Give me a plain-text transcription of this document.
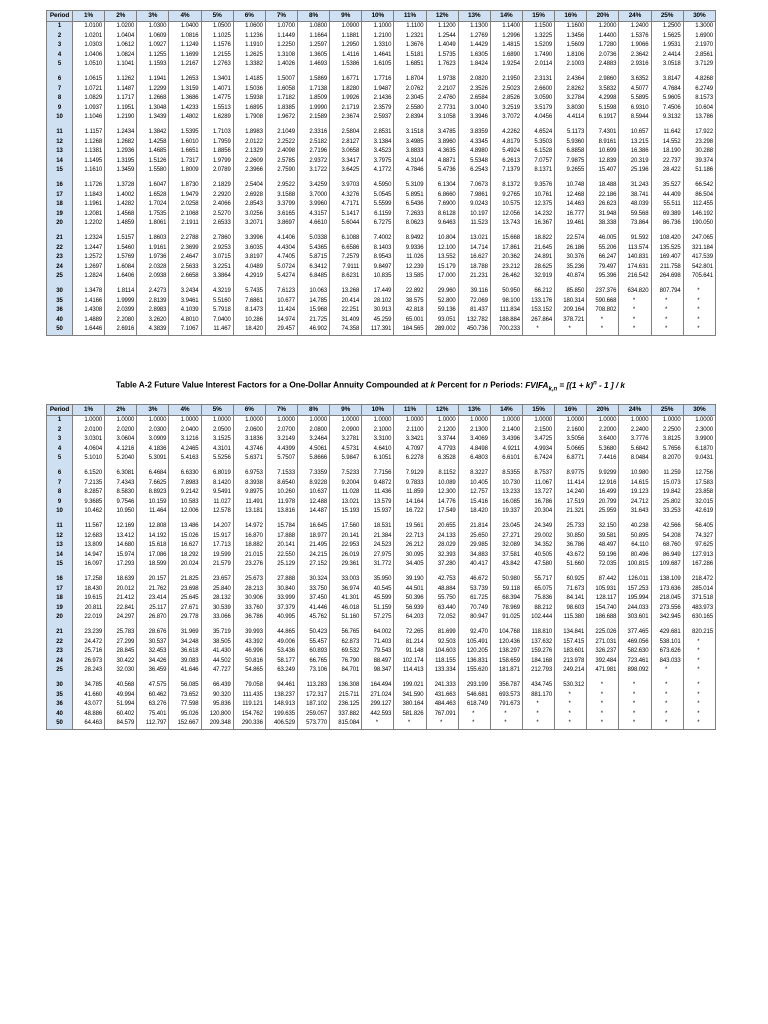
Period	1%	2%	3%	4%	5%	6%	7%	8%	9%	10%	11%	12%	13%	14%	15%	16%	20%	24%	25%	30%
1	1.0100	1.0200	1.0300	1.0400	1.0500	1.0600	1.0700	1.0800	1.0900	1.1000	1.1100	1.1200	1.1300	1.1400	1.1500	1.1600	1.2000	1.2400	1.2500	1.3000
2	1.0201	1.0404	1.0609	1.0816	1.1025	1.1236	1.1449	1.1664	1.1881	1.2100	1.2321	1.2544	1.2769	1.2996	1.3225	1.3456	1.4400	1.5376	1.5625	1.6900
3	1.0303	1.0612	1.0927	1.1249	1.1576	1.1910	1.2250	1.2597	1.2950	1.3310	1.3676	1.4049	1.4429	1.4815	1.5209	1.5609	1.7280	1.9066	1.9531	2.1970
4	1.0406	1.0824	1.1255	1.1699	1.2155	1.2625	1.3108	1.3605	1.4116	1.4641	1.5181	1.5735	1.6305	1.6890	1.7490	1.8106	2.0736	2.3642	2.4414	2.8561
5	1.0510	1.1041	1.1593	1.2167	1.2763	1.3382	1.4026	1.4693	1.5386	1.6105	1.6851	1.7623	1.8424	1.9254	2.0114	2.1003	2.4883	2.9316	3.0518	3.7129

6	1.0615	1.1262	1.1941	1.2653	1.3401	1.4185	1.5007	1.5869	1.6771	1.7716	1.8704	1.9738	2.0820	2.1950	2.3131	2.4364	2.9860	3.6352	3.8147	4.8268
7	1.0721	1.1487	1.2299	1.3159	1.4071	1.5036	1.6058	1.7138	1.8280	1.9487	2.0762	2.2107	2.3526	2.5023	2.6600	2.8262	3.5832	4.5077	4.7684	6.2749
8	1.0829	1.1717	1.2668	1.3686	1.4775	1.5938	1.7182	1.8509	1.9926	2.1436	2.3045	2.4760	2.6584	2.8526	3.0590	3.2784	4.2998	5.5895	5.9605	8.1573
9	1.0937	1.1951	1.3048	1.4233	1.5513	1.6895	1.8385	1.9990	2.1719	2.3579	2.5580	2.7731	3.0040	3.2519	3.5179	3.8030	5.1598	6.9310	7.4506	10.604
10	1.1046	1.2190	1.3439	1.4802	1.6289	1.7908	1.9672	2.1589	2.3674	2.5937	2.8394	3.1058	3.3946	3.7072	4.0456	4.4114	6.1917	8.5944	9.3132	13.786

11	1.1157	1.2434	1.3842	1.5395	1.7103	1.8983	2.1049	2.3316	2.5804	2.8531	3.1518	3.4785	3.8359	4.2262	4.6524	5.1173	7.4301	10.657	11.642	17.922
12	1.1268	1.2682	1.4258	1.6010	1.7959	2.0122	2.2522	2.5182	2.8127	3.1384	3.4985	3.8960	4.3345	4.8179	5.3503	5.9360	8.9161	13.215	14.552	23.298
13	1.1381	1.2936	1.4685	1.6651	1.8856	2.1329	2.4098	2.7196	3.0658	3.4523	3.8833	4.3635	4.8980	5.4924	6.1528	6.8858	10.699	16.386	18.190	30.288
14	1.1495	1.3195	1.5126	1.7317	1.9799	2.2609	2.5785	2.9372	3.3417	3.7975	4.3104	4.8871	5.5348	6.2613	7.0757	7.9875	12.839	20.319	22.737	39.374
15	1.1610	1.3459	1.5580	1.8009	2.0789	2.3966	2.7590	3.1722	3.6425	4.1772	4.7846	5.4736	6.2543	7.1379	8.1371	9.2655	15.407	25.196	28.422	51.186

16	1.1726	1.3728	1.6047	1.8730	2.1829	2.5404	2.9522	3.4259	3.9703	4.5950	5.3109	6.1304	7.0673	8.1372	9.3576	10.748	18.488	31.243	35.527	66.542
17	1.1843	1.4002	1.6528	1.9479	2.2920	2.6928	3.1588	3.7000	4.3276	5.0545	5.8951	6.8660	7.9861	9.2765	10.761	12.468	22.186	38.741	44.409	86.504
18	1.1961	1.4282	1.7024	2.0258	2.4066	2.8543	3.3799	3.9960	4.7171	5.5599	6.5436	7.6900	9.0243	10.575	12.375	14.463	26.623	48.039	55.511	112.455
19	1.2081	1.4568	1.7535	2.1068	2.5270	3.0256	3.6165	4.3157	5.1417	6.1159	7.2633	8.6128	10.197	12.056	14.232	16.777	31.948	59.568	69.389	146.192
20	1.2202	1.4859	1.8061	2.1911	2.6533	3.2071	3.8697	4.6610	5.6044	6.7275	8.0623	9.6463	11.523	13.743	16.367	19.461	38.338	73.864	86.736	190.050

21	1.2324	1.5157	1.8603	2.2788	2.7860	3.3996	4.1406	5.0338	6.1088	7.4002	8.9492	10.804	13.021	15.668	18.822	22.574	46.005	91.592	108.420	247.065
22	1.2447	1.5460	1.9161	2.3699	2.9253	3.6035	4.4304	5.4365	6.6586	8.1403	9.9336	12.100	14.714	17.861	21.645	26.186	55.206	113.574	135.525	321.184
23	1.2572	1.5769	1.9736	2.4647	3.0715	3.8197	4.7405	5.8715	7.2579	8.9543	11.026	13.552	16.627	20.362	24.891	30.376	66.247	140.831	169.407	417.539
24	1.2697	1.6084	2.0328	2.5633	3.2251	4.0489	5.0724	6.3412	7.9111	9.8497	12.239	15.179	18.788	23.212	28.625	35.236	79.497	174.631	211.758	542.801
25	1.2824	1.6406	2.0938	2.6658	3.3864	4.2919	5.4274	6.8485	8.6231	10.835	13.585	17.000	21.231	26.462	32.919	40.874	95.396	216.542	264.698	705.641

30	1.3478	1.8114	2.4273	3.2434	4.3219	5.7435	7.6123	10.063	13.268	17.449	22.892	29.960	39.116	50.950	66.212	85.850	237.376	634.820	807.794	*
35	1.4166	1.9999	2.8139	3.9461	5.5160	7.6861	10.677	14.785	20.414	28.102	38.575	52.800	72.069	98.100	133.176	180.314	590.668	*	*	*
36	1.4308	2.0399	2.8983	4.1039	5.7918	8.1473	11.424	15.968	22.251	30.913	42.818	59.136	81.437	111.834	153.152	209.164	708.802	*	*	*
40	1.4889	2.2080	3.2620	4.8010	7.0400	10.286	14.974	21.725	31.409	45.259	65.001	93.051	132.782	188.884	267.864	378.721	*	*	*	*
50	1.6446	2.6916	4.3839	7.1067	11.467	18.420	29.457	46.902	74.358	117.391	184.565	289.002	450.736	700.233	*	*	*	*	*	*
Table A-2 Future Value Interest Factors for a One-Dollar Annuity Compounded at k Percent for n Periods: $FVIFA_{k,n} = [(1 + k)^n - 1$ ] / k
Period	1%	2%	3%	4%	5%	6%	7%	8%	9%	10%	11%	12%	13%	14%	15%	16%	20%	24%	25%	30%
1	1.0000	1.0000	1.0000	1.0000	1.0000	1.0000	1.0000	1.0000	1.0000	1.0000	1.0000	1.0000	1.0000	1.0000	1.0000	1.0000	1.0000	1.0000	1.0000	1.0000
2	2.0100	2.0200	2.0300	2.0400	2.0500	2.0600	2.0700	2.0800	2.0900	2.1000	2.1100	2.1200	2.1300	2.1400	2.1500	2.1600	2.2000	2.2400	2.2500	2.3000
3	3.0301	3.0604	3.0909	3.1216	3.1525	3.1836	3.2149	3.2464	3.2781	3.3100	3.3421	3.3744	3.4069	3.4396	3.4725	3.5056	3.6400	3.7776	3.8125	3.9900
4	4.0604	4.1216	4.1836	4.2465	4.3101	4.3746	4.4399	4.5061	4.5731	4.6410	4.7097	4.7793	4.8498	4.9211	4.9934	5.0665	5.3680	5.6842	5.7656	6.1870
5	5.1010	5.2040	5.3091	5.4163	5.5256	5.6371	5.7507	5.8666	5.9847	6.1051	6.2278	6.3528	6.4803	6.6101	6.7424	6.8771	7.4416	8.0484	8.2070	9.0431

6	6.1520	6.3081	6.4684	6.6330	6.8019	6.9753	7.1533	7.3359	7.5233	7.7156	7.9129	8.1152	8.3227	8.5355	8.7537	8.9775	9.9299	10.980	11.259	12.756
7	7.2135	7.4343	7.6625	7.8983	8.1420	8.3938	8.6540	8.9228	9.2004	9.4872	9.7833	10.089	10.405	10.730	11.067	11.414	12.916	14.615	15.073	17.583
8	8.2857	8.5830	8.8923	9.2142	9.5491	9.8975	10.260	10.637	11.028	11.436	11.859	12.300	12.757	13.233	13.727	14.240	16.499	19.123	19.842	23.858
9	9.3685	9.7546	10.159	10.583	11.027	11.491	11.978	12.488	13.021	13.579	14.164	14.776	15.416	16.085	16.786	17.519	20.799	24.712	25.802	32.015
10	10.462	10.950	11.464	12.006	12.578	13.181	13.816	14.487	15.193	15.937	16.722	17.549	18.420	19.337	20.304	21.321	25.959	31.643	33.253	42.619

11	11.567	12.169	12.808	13.486	14.207	14.972	15.784	16.645	17.560	18.531	19.561	20.655	21.814	23.045	24.349	25.733	32.150	40.238	42.566	56.405
12	12.683	13.412	14.192	15.026	15.917	16.870	17.888	18.977	20.141	21.384	22.713	24.133	25.650	27.271	29.002	30.850	39.581	50.895	54.208	74.327
13	13.809	14.680	15.618	16.627	17.713	18.882	20.141	21.495	22.953	24.523	26.212	28.029	29.985	32.089	34.352	36.786	48.497	64.110	68.760	97.625
14	14.947	15.974	17.086	18.292	19.599	21.015	22.550	24.215	26.019	27.975	30.095	32.393	34.883	37.581	40.505	43.672	59.196	80.496	86.949	127.913
15	16.097	17.293	18.599	20.024	21.579	23.276	25.129	27.152	29.361	31.772	34.405	37.280	40.417	43.842	47.580	51.660	72.035	100.815	109.687	167.286

16	17.258	18.639	20.157	21.825	23.657	25.673	27.888	30.324	33.003	35.950	39.190	42.753	46.672	50.980	55.717	60.925	87.442	126.011	138.109	218.472
17	18.430	20.012	21.762	23.698	25.840	28.213	30.840	33.750	36.974	40.545	44.501	48.884	53.739	59.118	65.075	71.673	105.931	157.253	173.636	285.014
18	19.615	21.412	23.414	25.645	28.132	30.906	33.999	37.450	41.301	45.599	50.396	55.750	61.725	68.394	75.836	84.141	128.117	195.994	218.045	371.518
19	20.811	22.841	25.117	27.671	30.539	33.760	37.379	41.446	46.018	51.159	56.939	63.440	70.749	78.969	88.212	98.603	154.740	244.033	273.556	483.973
20	22.019	24.297	26.870	29.778	33.066	36.786	40.995	45.762	51.160	57.275	64.203	72.052	80.947	91.025	102.444	115.380	186.688	303.601	342.945	630.165

21	23.239	25.783	28.676	31.969	35.719	39.993	44.865	50.423	56.765	64.002	72.265	81.699	92.470	104.768	118.810	134.841	225.026	377.465	429.681	820.215
22	24.472	27.299	30.537	34.248	38.505	43.392	49.006	55.457	62.873	71.403	81.214	92.503	105.491	120.436	137.632	157.415	271.031	469.056	538.101	*
23	25.716	28.845	32.453	36.618	41.430	46.996	53.436	60.893	69.532	79.543	91.148	104.603	120.205	138.297	159.276	183.601	326.237	582.630	673.626	*
24	26.973	30.422	34.426	39.083	44.502	50.816	58.177	66.765	76.790	88.497	102.174	118.155	136.831	158.659	184.168	213.978	392.484	723.461	843.033	*
25	28.243	32.030	36.459	41.646	47.727	54.865	63.249	73.106	84.701	98.347	114.413	133.334	155.620	181.871	212.793	249.214	471.981	898.092	*	*

30	34.785	40.568	47.575	56.085	66.439	79.058	94.461	113.283	136.308	164.494	199.021	241.333	293.199	356.787	434.745	530.312	*	*	*	*
35	41.660	49.994	60.462	73.652	90.320	111.435	138.237	172.317	215.711	271.024	341.590	431.663	546.681	693.573	881.170	*	*	*	*	*
36	43.077	51.994	63.276	77.598	95.836	119.121	148.913	187.102	236.125	299.127	380.164	484.463	618.749	791.673	*	*	*	*	*	*
40	48.886	60.402	75.401	95.026	120.800	154.762	199.635	259.057	337.882	442.593	581.826	767.091	*	*	*	*	*	*	*	*
50	64.463	84.579	112.797	152.667	209.348	290.336	406.529	573.770	815.084	*	*	*	*	*	*	*	*	*	*	*
